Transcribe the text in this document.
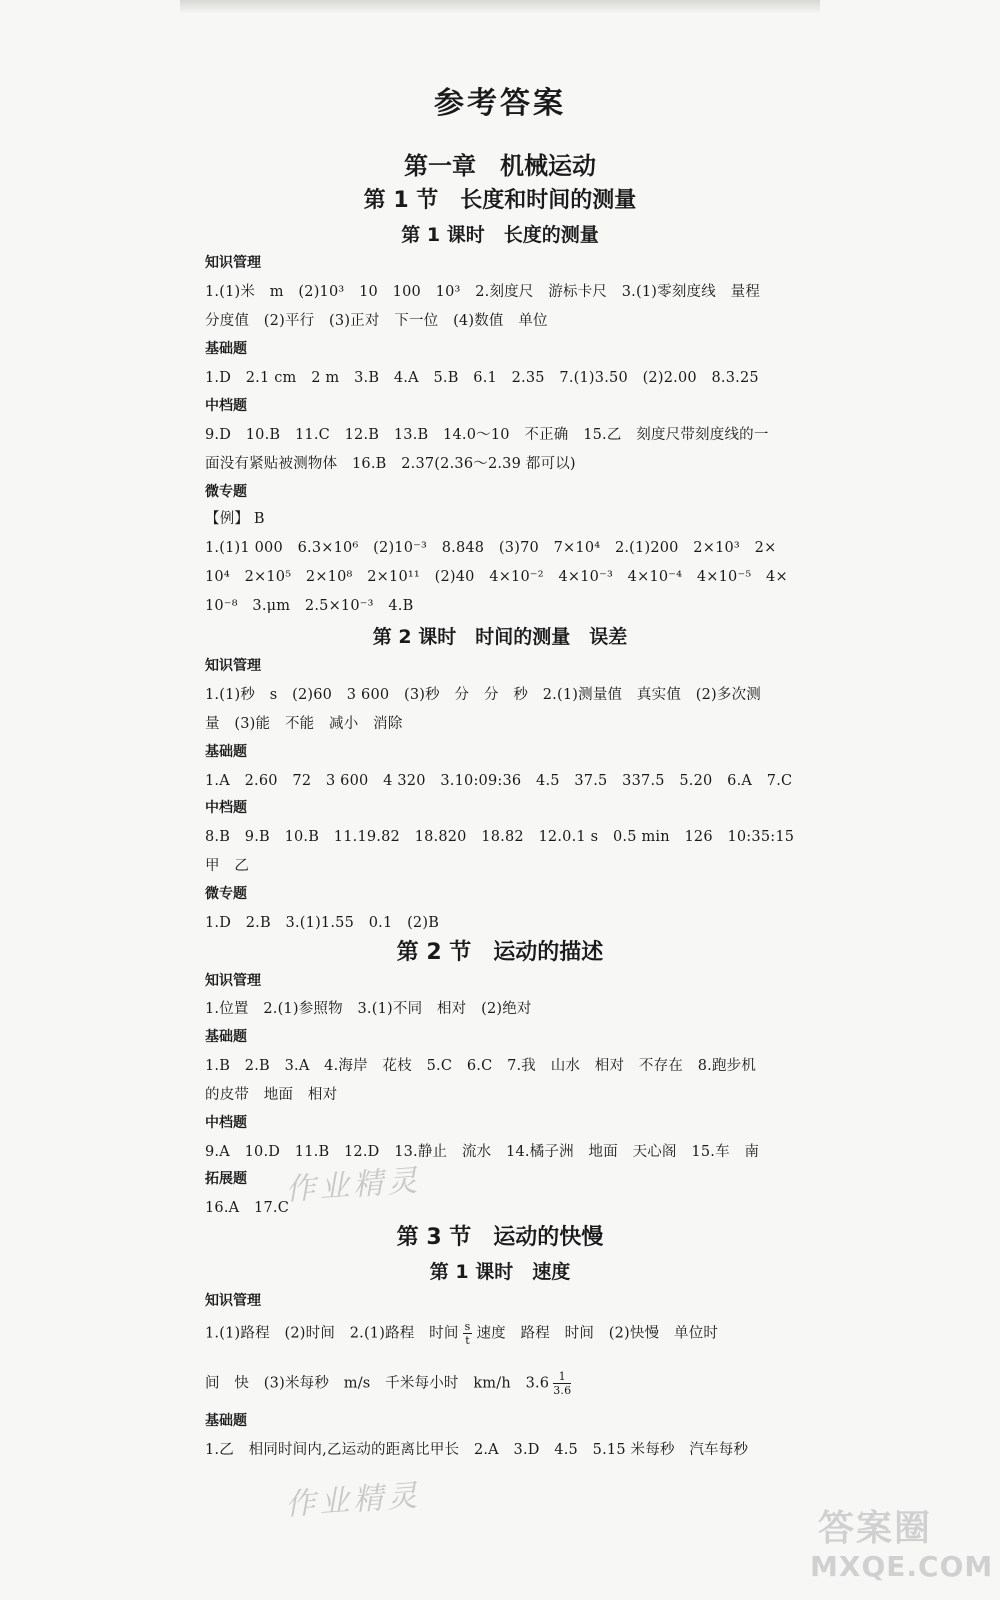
参考答案
第一章　机械运动
第 1 节　长度和时间的测量
第 1 课时　长度的测量
知识管理
1.(1)米　m　(2)10³　10　100　10³　2.刻度尺　游标卡尺　3.(1)零刻度线　量程
分度值　(2)平行　(3)正对　下一位　(4)数值　单位
基础题
1.D　2.1 cm　2 m　3.B　4.A　5.B　6.1　2.35　7.(1)3.50　(2)2.00　8.3.25
中档题
9.D　10.B　11.C　12.B　13.B　14.0～10　不正确　15.乙　刻度尺带刻度线的一
面没有紧贴被测物体　16.B　2.37(2.36～2.39 都可以)
微专题
【例】 B
1.(1)1 000　6.3×10⁶　(2)10⁻³　8.848　(3)70　7×10⁴　2.(1)200　2×10³　2×
10⁴　2×10⁵　2×10⁸　2×10¹¹　(2)40　4×10⁻²　4×10⁻³　4×10⁻⁴　4×10⁻⁵　4×
10⁻⁸　3.μm　2.5×10⁻³　4.B
第 2 课时　时间的测量　误差
知识管理
1.(1)秒　s　(2)60　3 600　(3)秒　分　分　秒　2.(1)测量值　真实值　(2)多次测
量　(3)能　不能　减小　消除
基础题
1.A　2.60　72　3 600　4 320　3.10:09:36　4.5　37.5　337.5　5.20　6.A　7.C
中档题
8.B　9.B　10.B　11.19.82　18.820　18.82　12.0.1 s　0.5 min　126　10:35:15
甲　乙
微专题
1.D　2.B　3.(1)1.55　0.1　(2)B
第 2 节　运动的描述
知识管理
1.位置　2.(1)参照物　3.(1)不同　相对　(2)绝对
基础题
1.B　2.B　3.A　4.海岸　花枝　5.C　6.C　7.我　山水　相对　不存在　8.跑步机
的皮带　地面　相对
中档题
9.A　10.D　11.B　12.D　13.静止　流水　14.橘子洲　地面　天心阁　15.车　南
拓展题
16.A　17.C
作业精灵
第 3 节　运动的快慢
第 1 课时　速度
知识管理
1.(1)路程　(2)时间　2.(1)路程　时间 $\frac{s}{t}$ 速度　路程　时间　(2)快慢　单位时
间　快　(3)米每秒　m/s　千米每小时　km/h　$3.6 \frac{1}{3.6}$
基础题
1.乙　相同时间内,乙运动的距离比甲长　2.A　3.D　4.5　5.15 米每秒　汽车每秒
作业精灵
答案圈
MXQE.COM
